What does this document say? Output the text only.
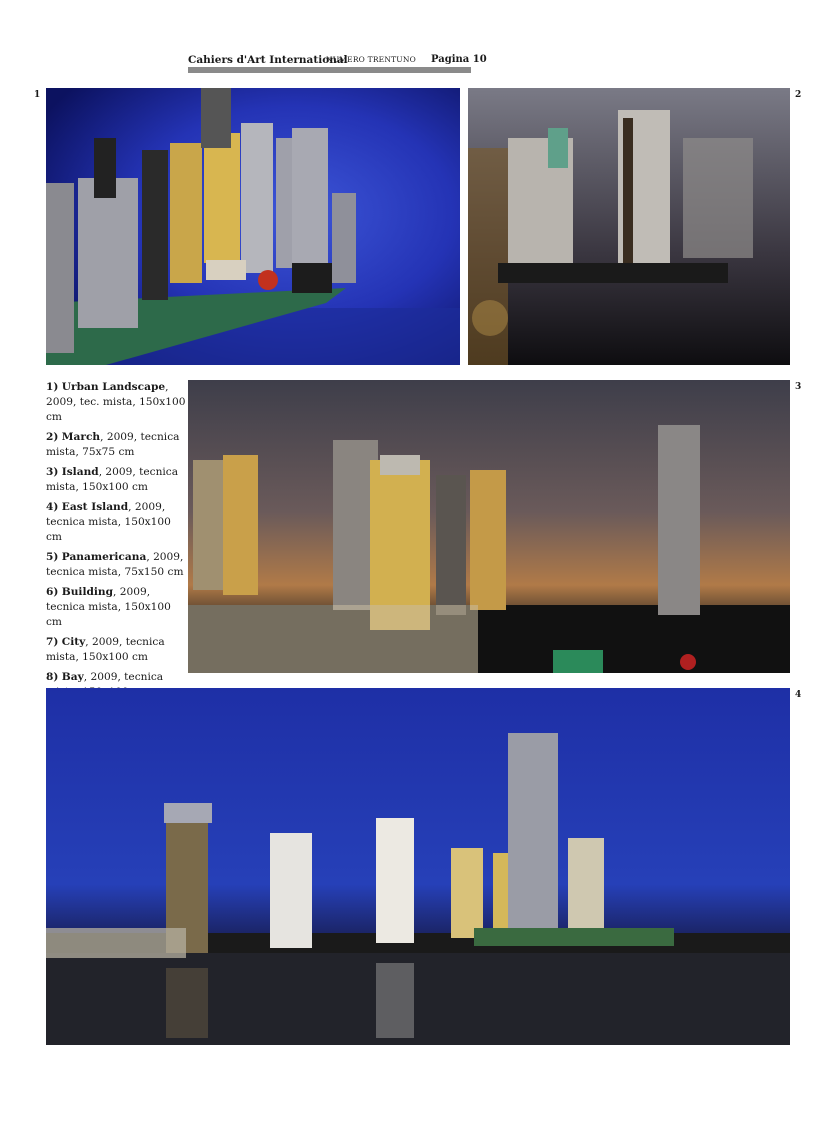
Cahiers d'Art International
NUMERO TRENTUNO Pagina 10
1	2
3
4

1) Urban Landscape, 2009, tec. mista, 150x100 cm

2) March, 2009, tecnica mista, 75x75 cm

3) Island, 2009, tecnica mista, 150x100 cm

4) East Island, 2009, tecnica mista, 150x100 cm

5) Panamericana, 2009, tecnica mista, 75x150 cm

6) Building, 2009, tecnica mista, 150x100 cm

7) City, 2009, tecnica mista, 150x100 cm

8) Bay, 2009, tecnica
